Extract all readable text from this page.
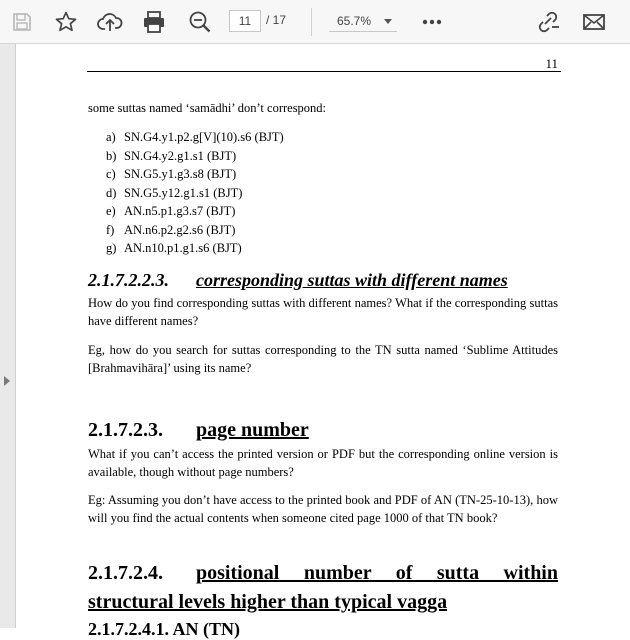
11	/ 17	65.7%
11
some suttas named ‘samādhi’ don’t correspond:
a) SN.G4.y1.p2.g[V](10).s6 (BJT)
b) SN.G4.y2.g1.s1 (BJT)
c) SN.G5.y1.g3.s8 (BJT)
d) SN.G5.y12.g1.s1 (BJT)
e) AN.n5.p1.g3.s7 (BJT)
f) AN.n6.p2.g2.s6 (BJT)
g) AN.n10.p1.g1.s6 (BJT)
2.1.7.2.2.3. corresponding suttas with different names
How do you find corresponding suttas with different names? What if the corresponding suttas have different names?
Eg, how do you search for suttas corresponding to the TN sutta named ‘Sublime Attitudes [Brahmavihāra]’ using its name?
2.1.7.2.3. page number
What if you can’t access the printed version or PDF but the corresponding online version is available, though without page numbers?
Eg: Assuming you don’t have access to the printed book and PDF of AN (TN-25-10-13), how will you find the actual contents when someone cited page 1000 of that TN book?
2.1.7.2.4.	positional number of sutta within
structural levels higher than typical vagga
2.1.7.2.4.1. AN (TN)
